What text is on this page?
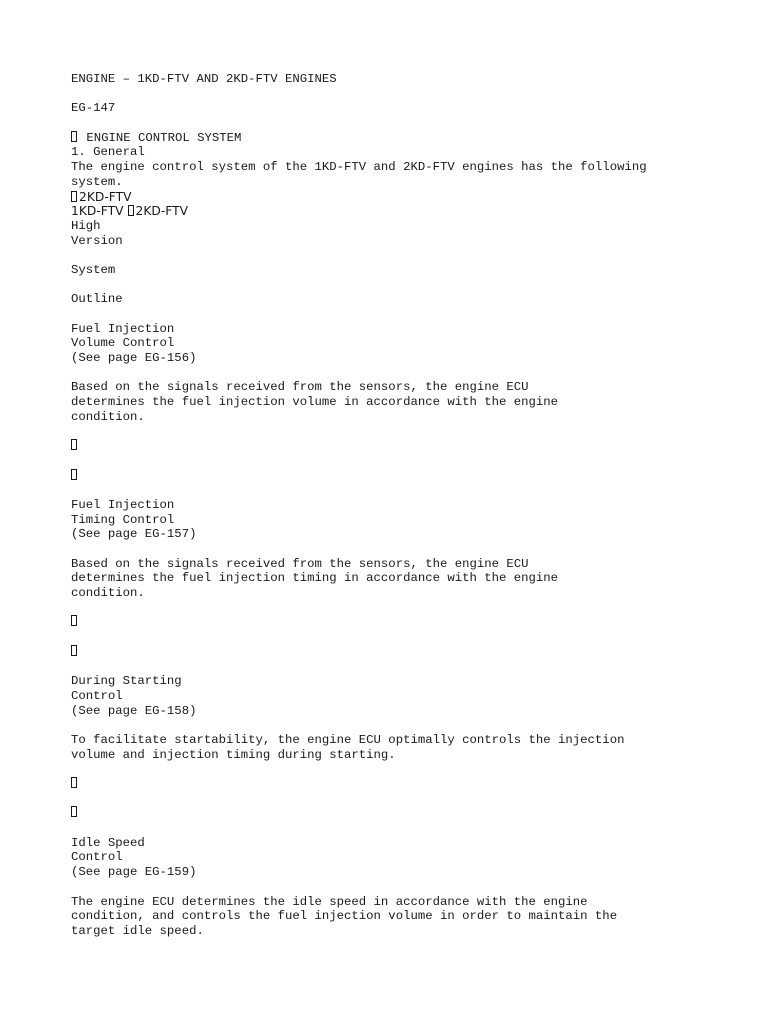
ENGINE – 1KD-FTV AND 2KD-FTV ENGINES
EG-147
ENGINE CONTROL SYSTEM
1. General
The engine control system of the 1KD-FTV and 2KD-FTV engines has the following
system.
2KD-FTV
1KD-FTV 2KD-FTV
High
Version
System
Outline
Fuel Injection
Volume Control
(See page EG-156)
Based on the signals received from the sensors, the engine ECU
determines the fuel injection volume in accordance with the engine
condition.
Fuel Injection
Timing Control
(See page EG-157)
Based on the signals received from the sensors, the engine ECU
determines the fuel injection timing in accordance with the engine
condition.
During Starting
Control
(See page EG-158)
To facilitate startability, the engine ECU optimally controls the injection
volume and injection timing during starting.
Idle Speed
Control
(See page EG-159)
The engine ECU determines the idle speed in accordance with the engine
condition, and controls the fuel injection volume in order to maintain the
target idle speed.
